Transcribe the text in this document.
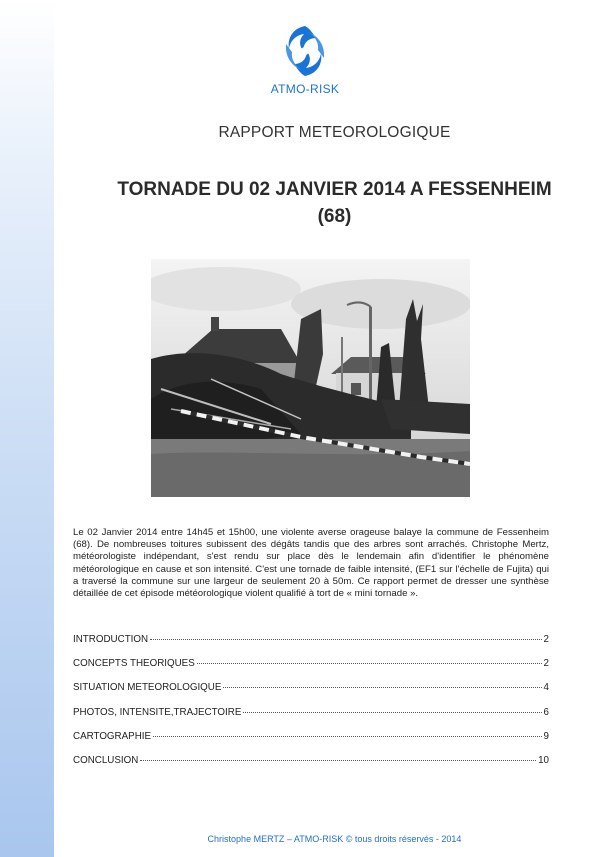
ATMO-RISK
RAPPORT METEOROLOGIQUE
TORNADE DU 02 JANVIER 2014 A FESSENHEIM
(68)
Le 02 Janvier 2014 entre 14h45 et 15h00, une violente averse orageuse balaye la commune de Fessenheim (68). De nombreuses toitures subissent des dégâts tandis que des arbres sont arrachés. Christophe Mertz, météorologiste indépendant, s'est rendu sur place dès le lendemain afin d'identifier le phénomène météorologique en cause et son intensité. C'est une tornade de faible intensité, (EF1 sur l'échelle de Fujita) qui a traversé la commune sur une largeur de seulement 20 à 50m. Ce rapport permet de dresser une synthèse détaillée de cet épisode météorologique violent qualifié à tort de « mini tornade ».
INTRODUCTION	2
CONCEPTS THEORIQUES	2
SITUATION METEOROLOGIQUE	4
PHOTOS, INTENSITE,TRAJECTOIRE	6
CARTOGRAPHIE	9
CONCLUSION	10
Christophe MERTZ – ATMO-RISK © tous droits réservés - 2014
